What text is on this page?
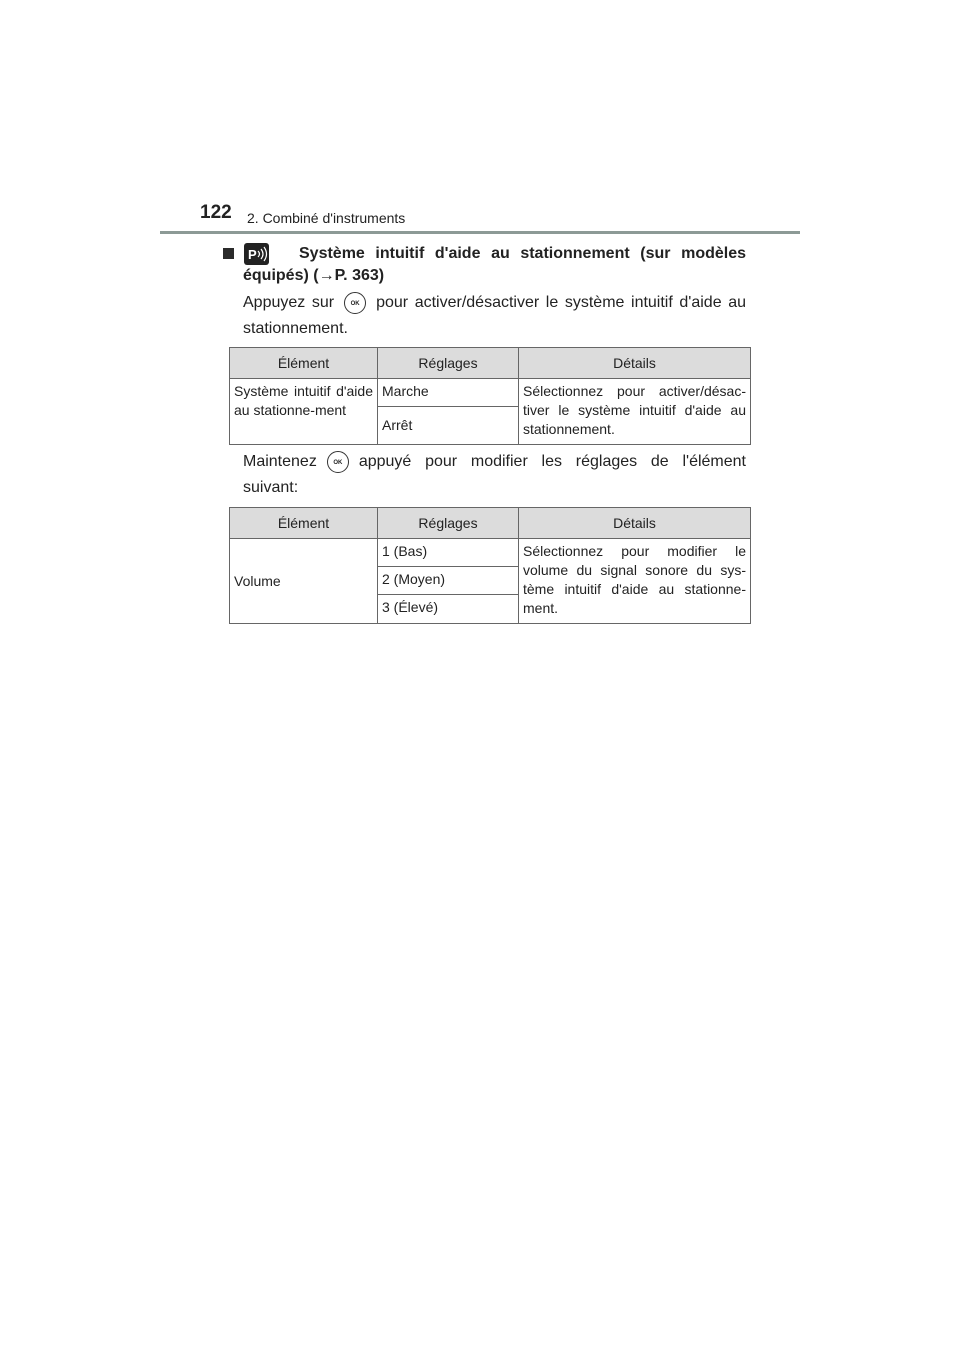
122 2. Combiné d'instruments
P	Système intuitif d'aide au stationnement (sur modèles équipés) (→P. 363)
Appuyez sur	OK pour activer/désactiver le système intuitif d'aide au stationnement.
Élément	Réglages	Détails
Système intuitif d'aide au stationne-ment	Marche	Sélectionnez pour activer/désac-tiver le système intuitif d'aide au stationnement.
	Arrêt	
Maintenez	OK appuyé pour modifier les réglages de l'élément suivant:
Élément	Réglages	Détails
Volume	1 (Bas)	Sélectionnez pour modifier le volume du signal sonore du sys-tème intuitif d'aide au stationne-ment.
	2 (Moyen)	
	3 (Élevé)	
